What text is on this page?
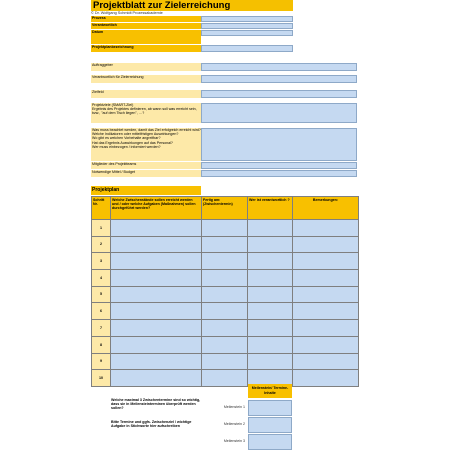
Projektblatt zur Zielerreichung
© Dr. Wolfgang Schmidt Prozessakademie
Prozess
Verantwortlich
Datum
Projektplanbezeichnung
Auftraggeber
Verantwortlich für Zielerreichung
Zielfeld
Projektziele (SMART-Ziel)
Ergebnis des Projektes definieren, ab wann soll was erreicht sein, bzw., "auf dem Tisch liegen", …?
Was muss beachtet werden, damit das Ziel erfolgreich erreicht wird?
Welche Indikatoren oder mittelfristigen Auswirkungen?
Wo gibt es welchen Vorbehalte angreifbar?
Hat das Ergebnis Auswirkungen auf das Personal?
Wer muss einbezogen / informiert werden?
Mitglieder des Projektteams
Notwendige Mittel / Budget
Projektplan
Schritt Nr.	Welche Zwischenstände sollen erreicht werden und / oder welche Aufgaben (Maßnahmen) sollen durchgeführt werden?	Fertig am: (Zwischentermin)	Wer ist verantwortlich ?	Bemerkungen:
1				
2				
3				
4				
5				
6				
7				
8				
9				
10				
Meilenstein/ Termine-Inhalte
Welche maximal 3 Zwischentermine sind so wichtig, dass sie in Meilensteinterminen überprüft werden sollen?
Bitte Termine und ggfs. Zwischenziel / wichtige Aufgabe in Stichworte hier aufschreiben
Meilenstein 1
Meilenstein 2
Meilenstein 3
